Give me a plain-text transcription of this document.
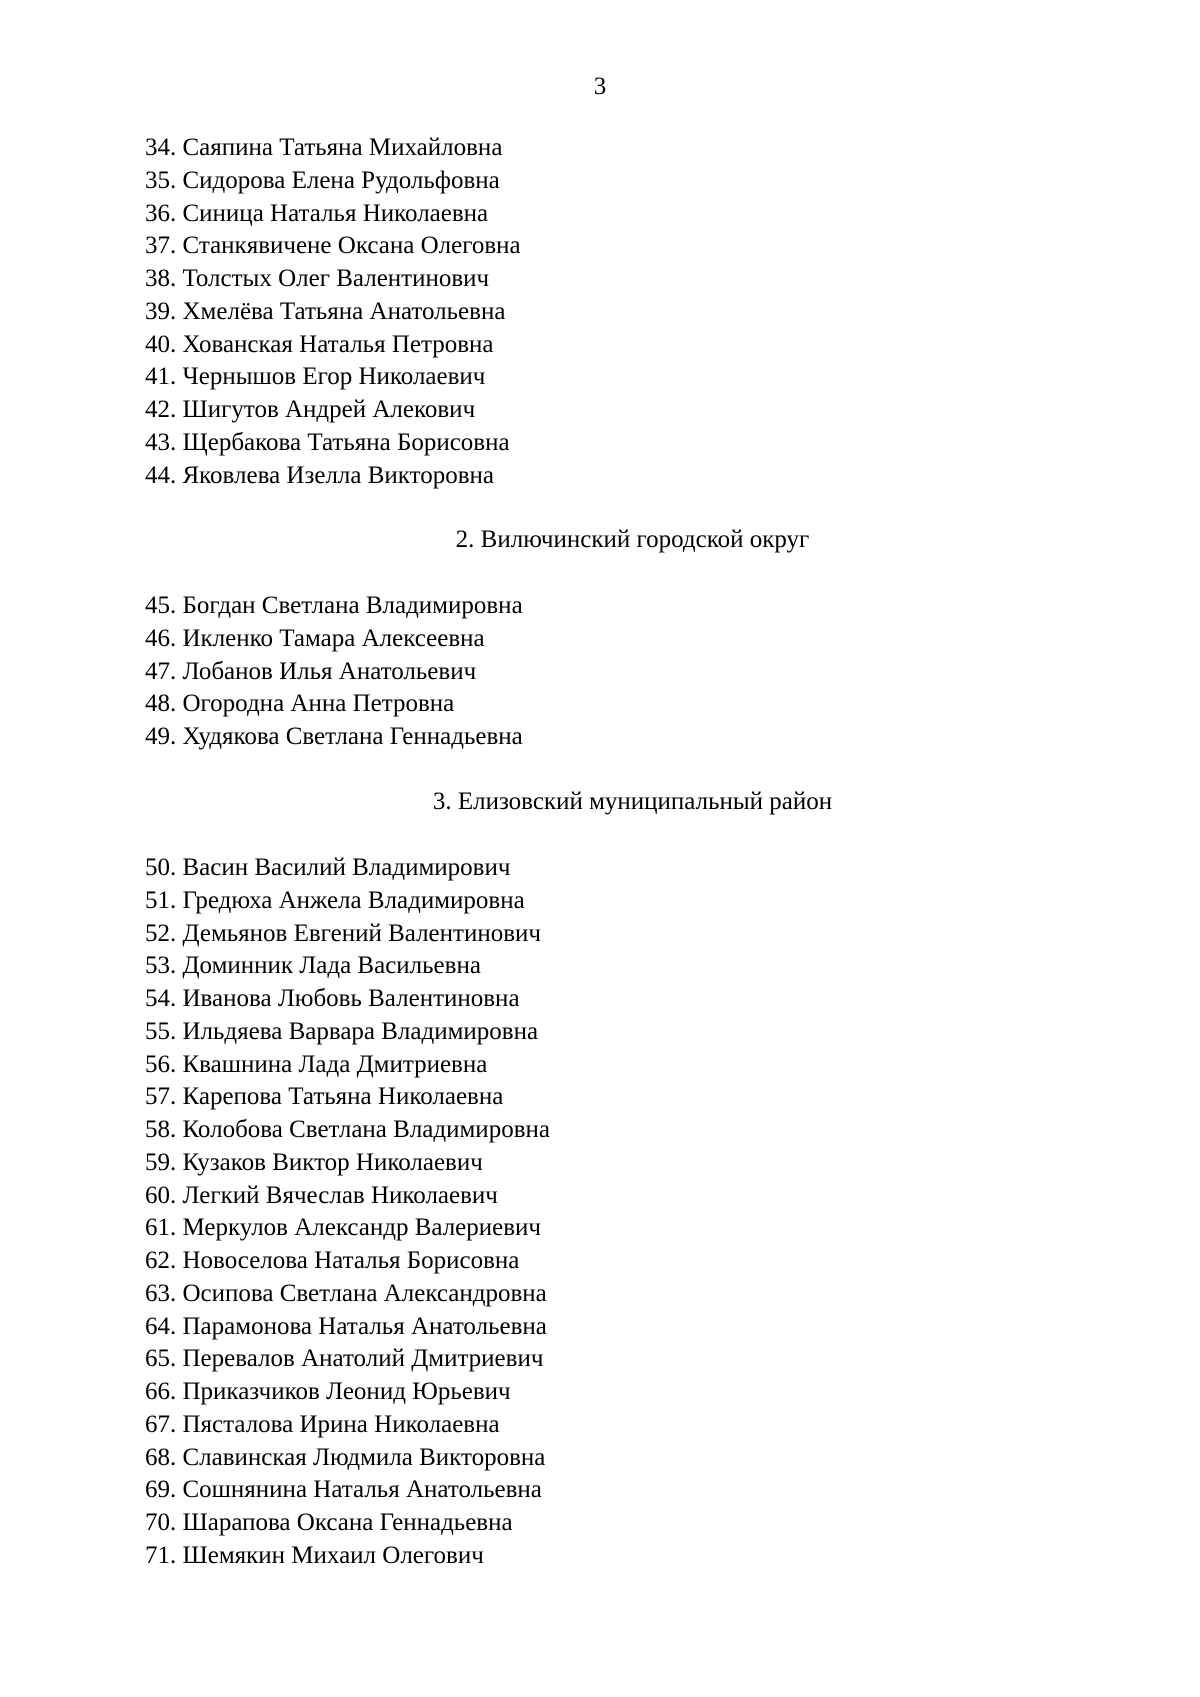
3
34. Саяпина Татьяна Михайловна
35. Сидорова Елена Рудольфовна
36. Синица Наталья Николаевна
37. Станкявичене Оксана Олеговна
38. Толстых Олег Валентинович
39. Хмелёва Татьяна Анатольевна
40. Хованская Наталья Петровна
41. Чернышов Егор Николаевич
42. Шигутов Андрей Алекович
43. Щербакова Татьяна Борисовна
44. Яковлева Изелла Викторовна
2. Вилючинский городской округ
45. Богдан Светлана Владимировна
46. Икленко Тамара Алексеевна
47. Лобанов Илья Анатольевич
48. Огородна Анна Петровна
49. Худякова Светлана Геннадьевна
3. Елизовский муниципальный район
50. Васин Василий Владимирович
51. Гредюха Анжела Владимировна
52. Демьянов Евгений Валентинович
53. Доминник Лада Васильевна
54. Иванова Любовь Валентиновна
55. Ильдяева Варвара Владимировна
56. Квашнина Лада Дмитриевна
57. Карепова Татьяна Николаевна
58. Колобова Светлана Владимировна
59. Кузаков Виктор Николаевич
60. Легкий Вячеслав Николаевич
61. Меркулов Александр Валериевич
62. Новоселова Наталья Борисовна
63. Осипова Светлана Александровна
64. Парамонова Наталья Анатольевна
65. Перевалов Анатолий Дмитриевич
66. Приказчиков Леонид Юрьевич
67. Пясталова Ирина Николаевна
68. Славинская Людмила Викторовна
69. Сошнянина Наталья Анатольевна
70. Шарапова Оксана Геннадьевна
71. Шемякин Михаил Олегович
